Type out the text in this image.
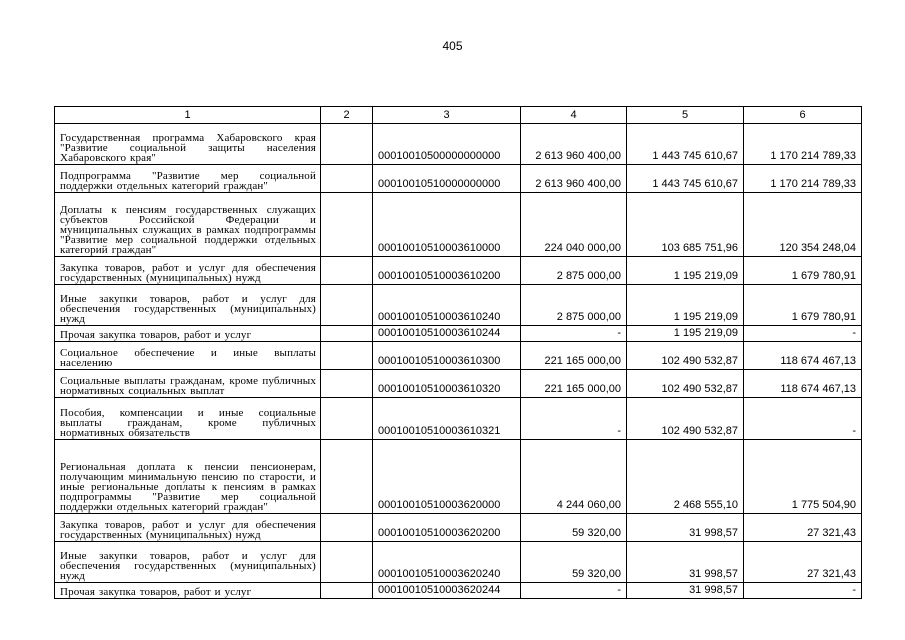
405
1	2	3	4	5	6
Государственная программа Хабаровского края "Развитие социальной защиты населения Хабаровского края"		00010010500000000000	2 613 960 400,00	1 443 745 610,67	1 170 214 789,33
Подпрограмма "Развитие мер социальной поддержки отдельных категорий граждан"		00010010510000000000	2 613 960 400,00	1 443 745 610,67	1 170 214 789,33
Доплаты к пенсиям государственных служащих субъектов Российской Федерации и муниципальных служащих в рамках подпрограммы "Развитие мер социальной поддержки отдельных категорий граждан"		00010010510003610000	224 040 000,00	103 685 751,96	120 354 248,04
Закупка товаров, работ и услуг для обеспечения государственных (муниципальных) нужд		00010010510003610200	2 875 000,00	1 195 219,09	1 679 780,91
Иные закупки товаров, работ и услуг для обеспечения государственных (муниципальных) нужд		00010010510003610240	2 875 000,00	1 195 219,09	1 679 780,91
Прочая закупка товаров, работ и услуг		00010010510003610244	-	1 195 219,09	-
Социальное обеспечение и иные выплаты населению		00010010510003610300	221 165 000,00	102 490 532,87	118 674 467,13
Социальные выплаты гражданам, кроме публичных нормативных социальных выплат		00010010510003610320	221 165 000,00	102 490 532,87	118 674 467,13
Пособия, компенсации и иные социальные выплаты гражданам, кроме публичных нормативных обязательств		00010010510003610321	-	102 490 532,87	-
Региональная доплата к пенсии пенсионерам, получающим минимальную пенсию по старости, и иные региональные доплаты к пенсиям в рамках подпрограммы "Развитие мер социальной поддержки отдельных категорий граждан"		00010010510003620000	4 244 060,00	2 468 555,10	1 775 504,90
Закупка товаров, работ и услуг для обеспечения государственных (муниципальных) нужд		00010010510003620200	59 320,00	31 998,57	27 321,43
Иные закупки товаров, работ и услуг для обеспечения государственных (муниципальных) нужд		00010010510003620240	59 320,00	31 998,57	27 321,43
Прочая закупка товаров, работ и услуг		00010010510003620244	-	31 998,57	-
